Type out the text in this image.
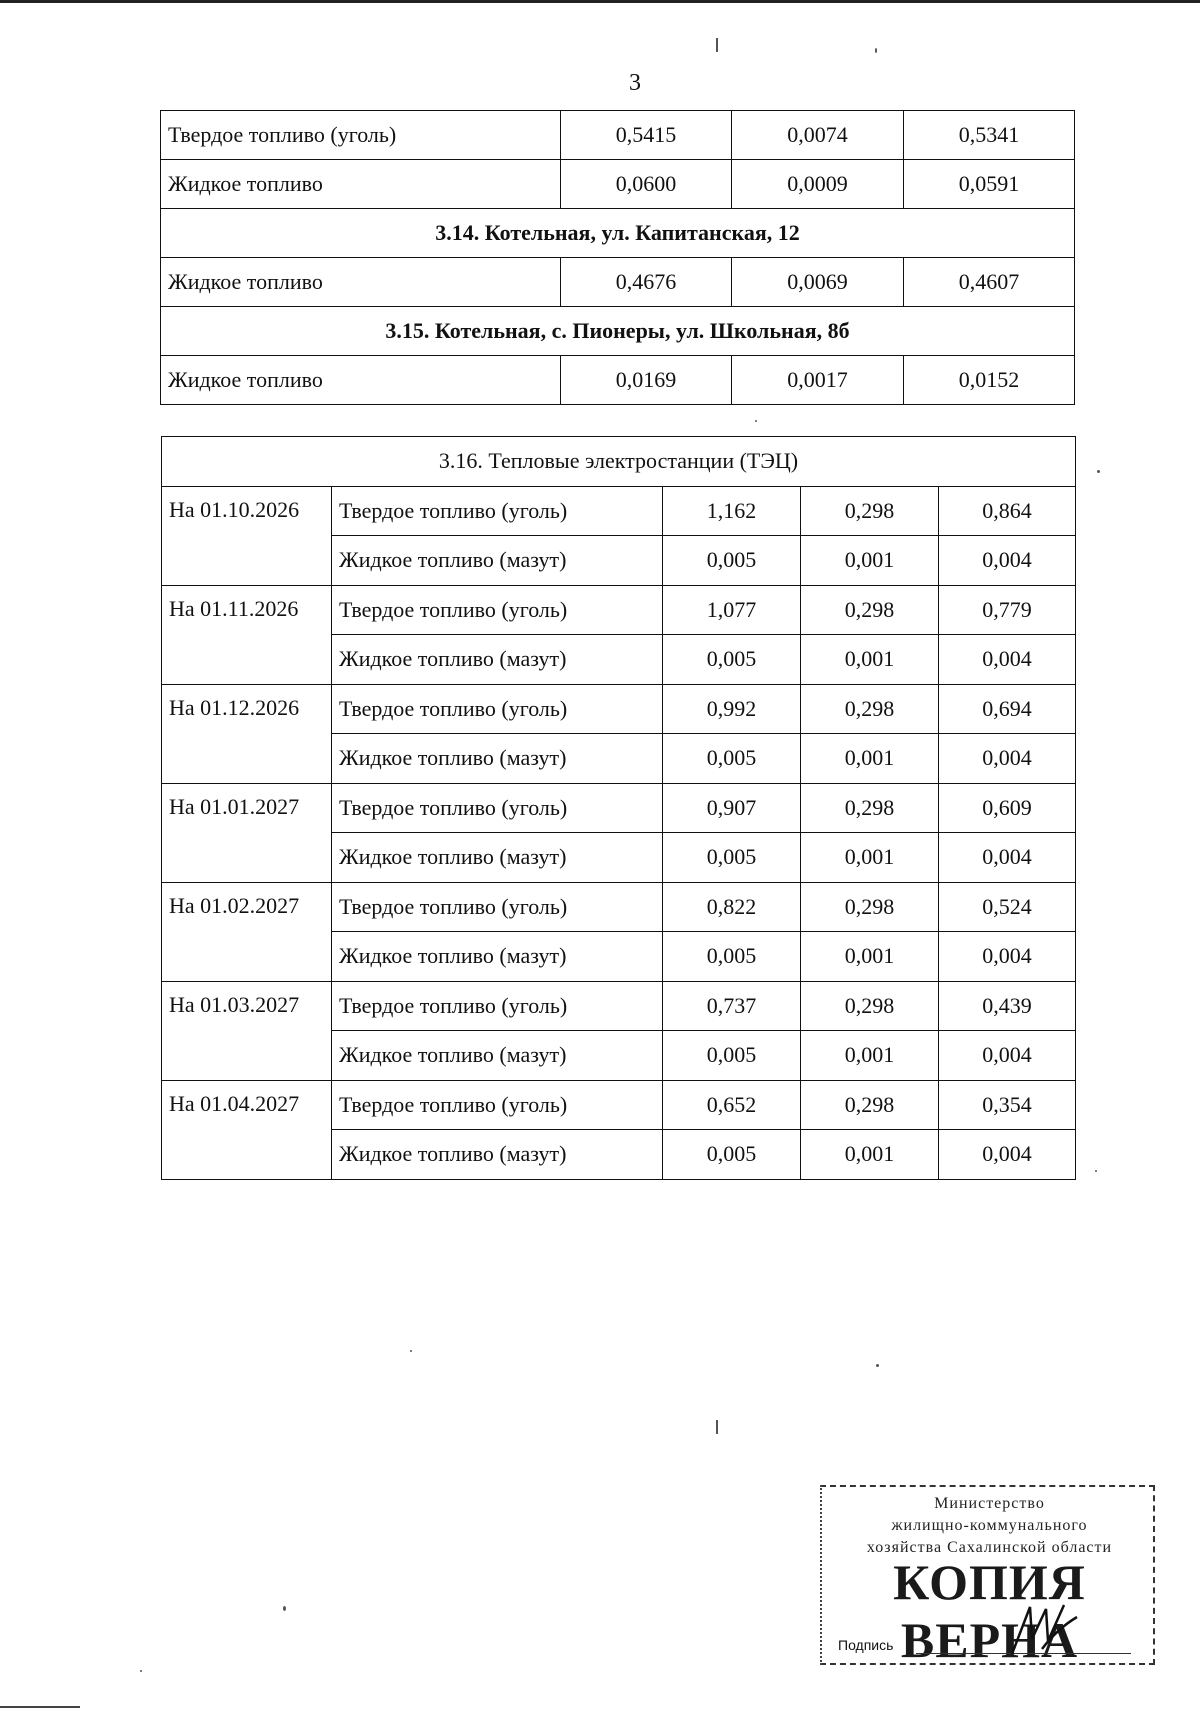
3
Твердое топливо (уголь)	0,5415	0,0074	0,5341
Жидкое топливо	0,0600	0,0009	0,0591
3.14. Котельная, ул. Капитанская, 12			
Жидкое топливо	0,4676	0,0069	0,4607
3.15. Котельная, с. Пионеры, ул. Школьная, 8б			
Жидкое топливо	0,0169	0,0017	0,0152
3.16. Тепловые электростанции (ТЭЦ)				
На 01.10.2026	Твердое топливо (уголь)	1,162	0,298	0,864
	Жидкое топливо (мазут)	0,005	0,001	0,004
На 01.11.2026	Твердое топливо (уголь)	1,077	0,298	0,779
	Жидкое топливо (мазут)	0,005	0,001	0,004
На 01.12.2026	Твердое топливо (уголь)	0,992	0,298	0,694
	Жидкое топливо (мазут)	0,005	0,001	0,004
На 01.01.2027	Твердое топливо (уголь)	0,907	0,298	0,609
	Жидкое топливо (мазут)	0,005	0,001	0,004
На 01.02.2027	Твердое топливо (уголь)	0,822	0,298	0,524
	Жидкое топливо (мазут)	0,005	0,001	0,004
На 01.03.2027	Твердое топливо (уголь)	0,737	0,298	0,439
	Жидкое топливо (мазут)	0,005	0,001	0,004
На 01.04.2027	Твердое топливо (уголь)	0,652	0,298	0,354
	Жидкое топливо (мазут)	0,005	0,001	0,004
Министерство
жилищно-коммунального
хозяйства Сахалинской области
КОПИЯ ВЕРНА
Подпись
